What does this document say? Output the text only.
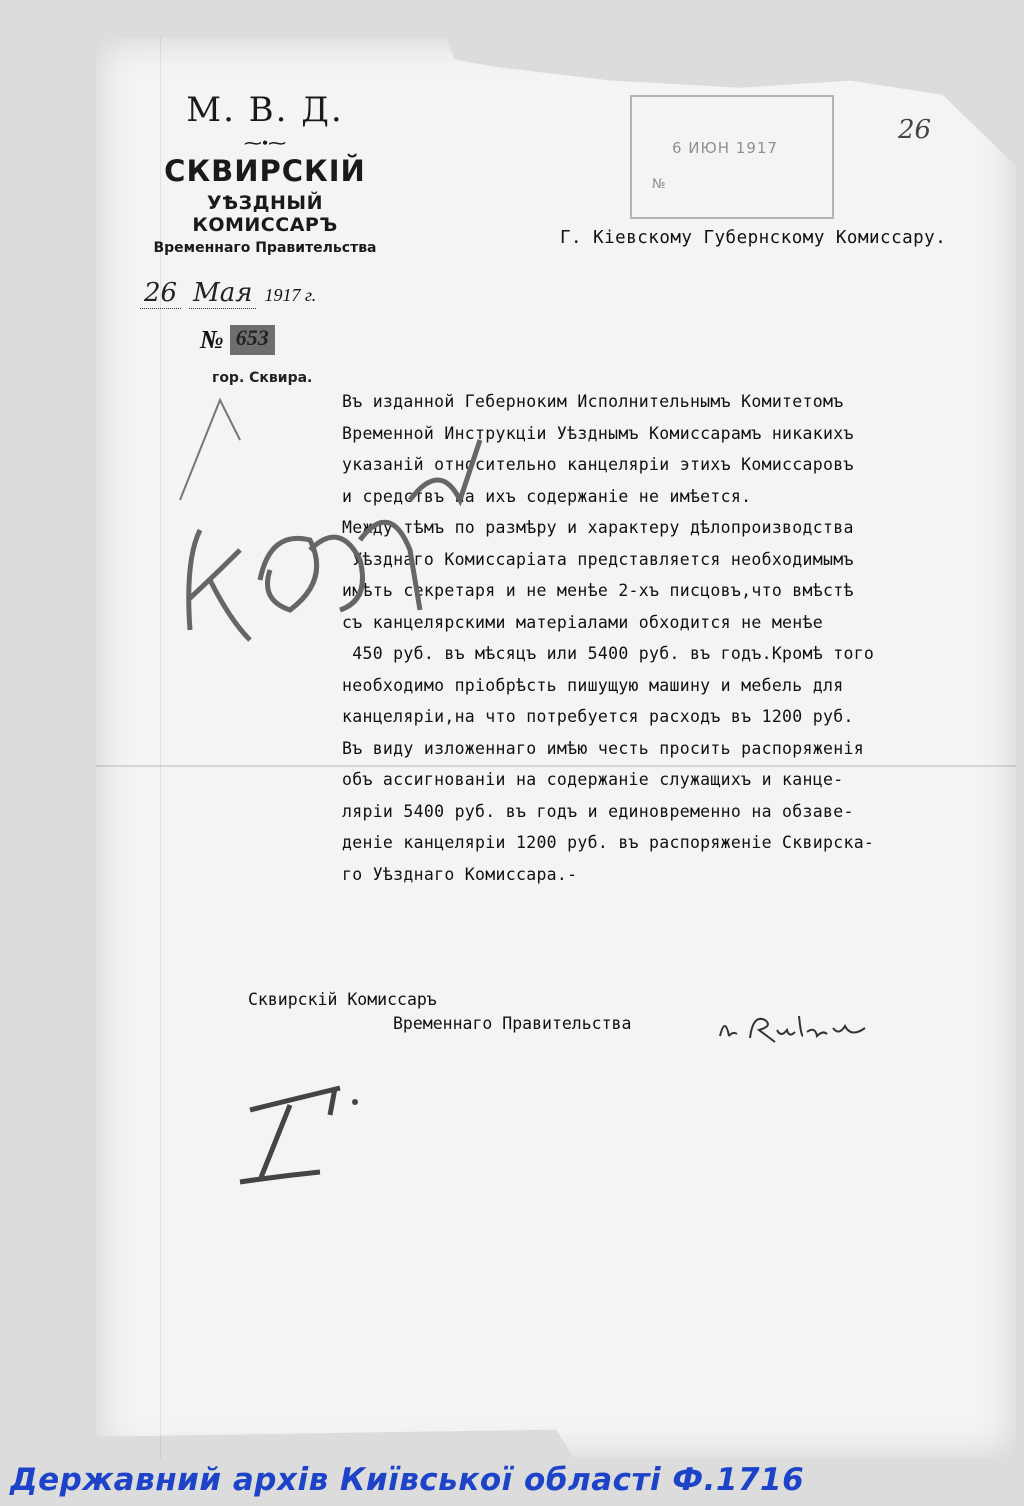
М. В. Д.
⁓•⁓
СКВИРСКІЙ
УѢЗДНЫЙ КОМИССАРЪ
Временнаго Правительства
26 Мая 1917 г.
№ 653
гор. Сквира.
6 ИЮН 1917
№
26
Г. Кіевскому Губернскому Комиссару.
Въ изданной Геберноким Исполнительнымъ Комитетомъ
Временной Инструкціи Уѣзднымъ Комиссарамъ никакихъ
указаній относительно канцеляріи этихъ Комиссаровъ
и средствъ на ихъ содержаніе не имѣется.
Между тѣмъ по размѣру и характеру дѣлопроизводства
Уѣзднаго Комиссаріата представляется необходимымъ
имѣть секретаря и не менѣе 2-хъ писцовъ,что вмѣстѣ
съ канцелярскими матеріалами обходится не менѣе
450 руб. въ мѣсяцъ или 5400 руб. въ годъ.Кромѣ того
необходимо пріобрѣсть пишущую машину и мебель для
канцеляріи,на что потребуется расходъ въ 1200 руб.
Въ виду изложеннаго имѣю честь просить распоряженія
объ ассигнованіи на содержаніе служащихъ и канце-
ляріи 5400 руб. въ годъ и единовременно на обзаве-
деніе канцеляріи 1200 руб. въ распоряженіе Сквирска-
го Уѣзднаго Комиссара.-
Сквирскій Комиссаръ
Временнаго Правительства
Державний архів Київської області Ф.1716
